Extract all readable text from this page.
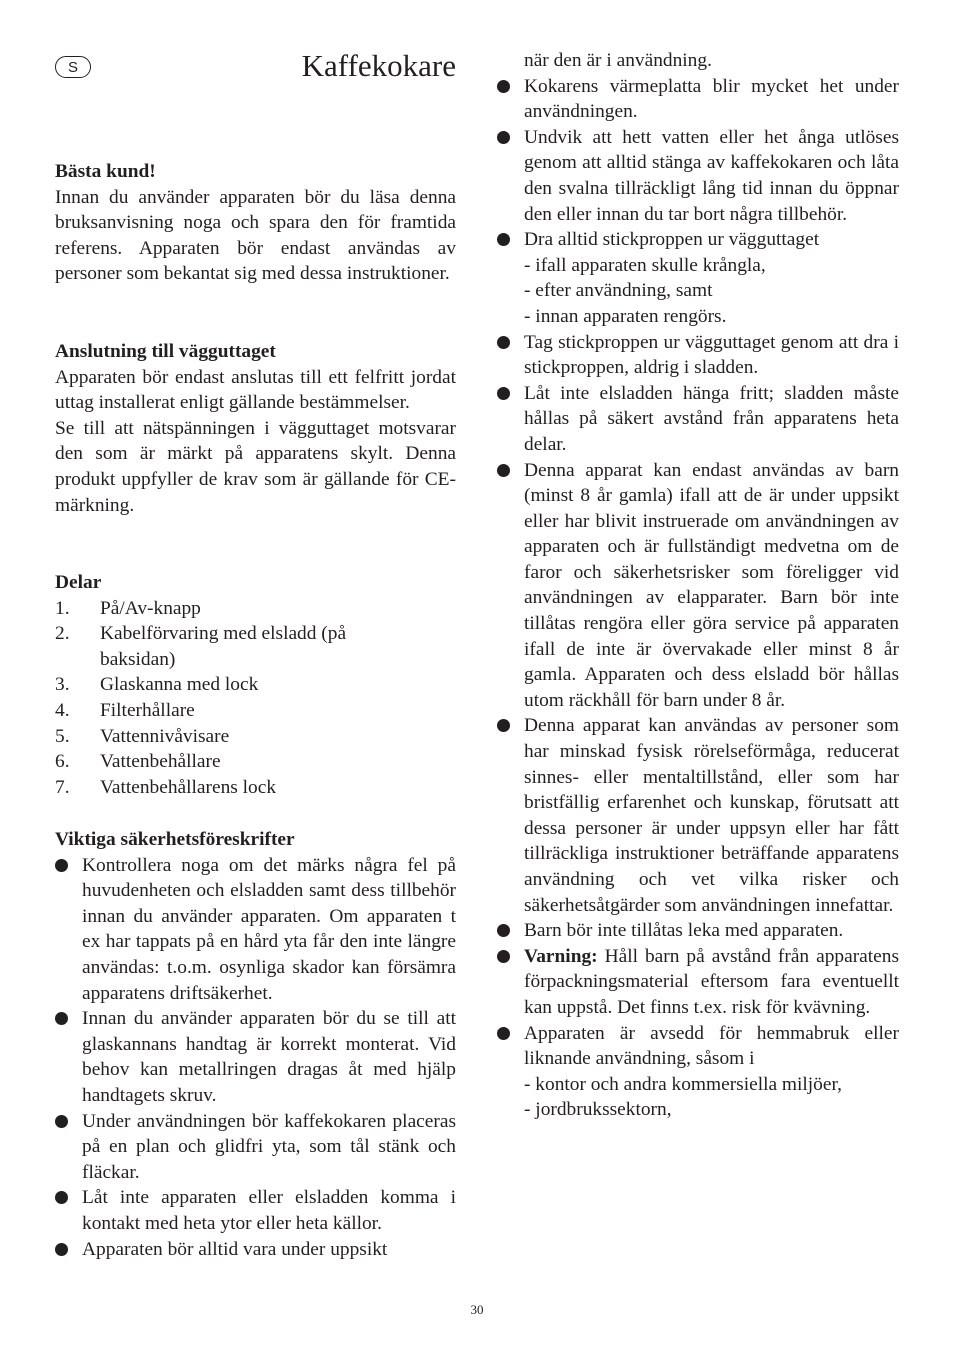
S	Kaffekokare
Bästa kund!

Innan du använder apparaten bör du läsa denna bruksanvisning noga och spara den för framtida referens. Apparaten bör endast användas av personer som bekantat sig med dessa instruktioner.

Anslutning till vägguttaget

Apparaten bör endast anslutas till ett felfritt jordat uttag installerat enligt gällande bestämmelser.

Se till att nätspänningen i vägguttaget motsvarar den som är märkt på apparatens skylt. Denna produkt uppfyller de krav som är gällande för CE-märkning.

Delar
1. På/Av-knapp
2. Kabelförvaring med elsladd (på baksidan)
3. Glaskanna med lock
4. Filterhållare
5. Vattennivåvisare
6. Vattenbehållare
7. Vattenbehållarens lock
Viktiga säkerhetsföreskrifter
Kontrollera noga om det märks några fel på huvudenheten och elsladden samt dess tillbehör innan du använder apparaten. Om apparaten t ex har tappats på en hård yta får den inte längre användas: t.o.m. osynliga skador kan försämra apparatens driftsäkerhet.
Innan du använder apparaten bör du se till att glaskannans handtag är korrekt monterat. Vid behov kan metallringen dragas åt med hjälp handtagets skruv.
Under användningen bör kaffekokaren placeras på en plan och glidfri yta, som tål stänk och fläckar.
Låt inte apparaten eller elsladden komma i kontakt med heta ytor eller heta källor.
Apparaten bör alltid vara under uppsikt
när den är i användning.
Kokarens värmeplatta blir mycket het under användningen.
Undvik att hett vatten eller het ånga utlöses genom att alltid stänga av kaffekokaren och låta den svalna tillräckligt lång tid innan du öppnar den eller innan du tar bort några tillbehör.
Dra alltid stickproppen ur vägguttaget
- ifall apparaten skulle krångla,
- efter användning, samt
- innan apparaten rengörs.
Tag stickproppen ur vägguttaget genom att dra i stickproppen, aldrig i sladden.
Låt inte elsladden hänga fritt; sladden måste hållas på säkert avstånd från apparatens heta delar.
Denna apparat kan endast användas av barn (minst 8 år gamla) ifall att de är under uppsikt eller har blivit instruerade om användningen av apparaten och är fullständigt medvetna om de faror och säkerhetsrisker som föreligger vid användningen av elapparater. Barn bör inte tillåtas rengöra eller göra service på apparaten ifall de inte är övervakade eller minst 8 år gamla. Apparaten och dess elsladd bör hållas utom räckhåll för barn under 8 år.
Denna apparat kan användas av personer som har minskad fysisk rörelseförmåga, reducerat sinnes- eller mentaltillstånd, eller som har bristfällig erfarenhet och kunskap, förutsatt att dessa personer är under uppsyn eller har fått tillräckliga instruktioner beträffande apparatens användning och vet vilka risker och säkerhetsåtgärder som användningen innefattar.
Barn bör inte tillåtas leka med apparaten.
Varning: Håll barn på avstånd från apparatens förpackningsmaterial eftersom fara eventuellt kan uppstå. Det finns t.ex. risk för kvävning.
Apparaten är avsedd för hemmabruk eller liknande användning, såsom i
- kontor och andra kommersiella miljöer,
- jordbrukssektorn,
30
